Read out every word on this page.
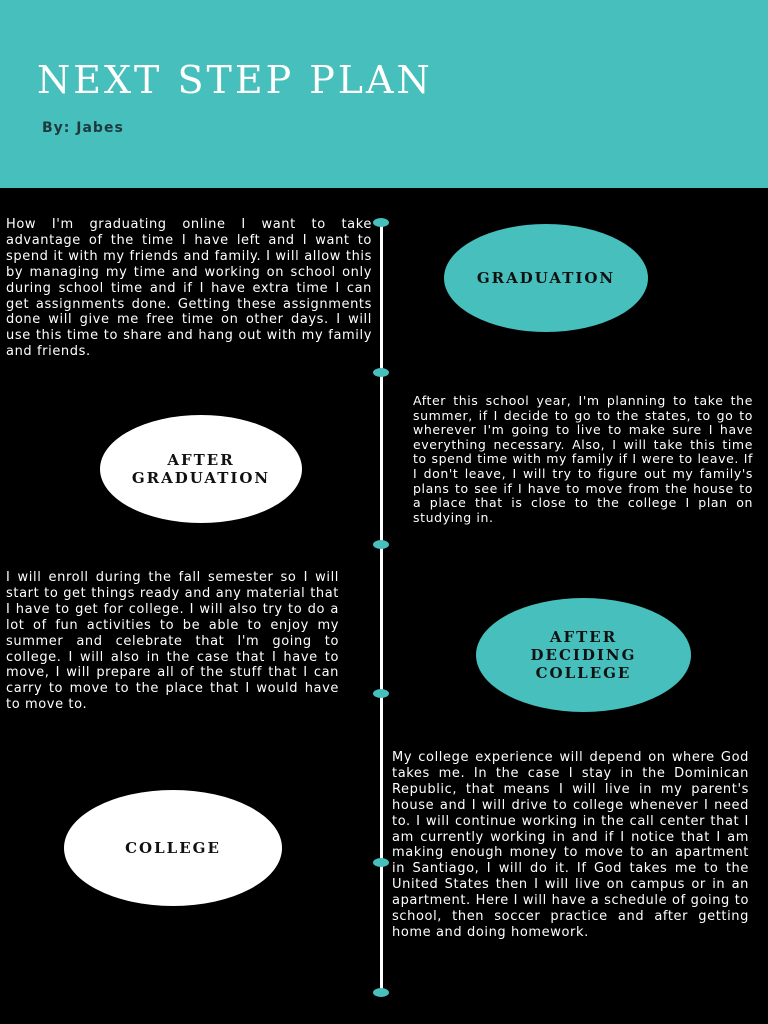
NEXT STEP PLAN
By: Jabes

How I'm graduating online I want to take advantage of the time I have left and I want to spend it with my friends and family. I will allow this by managing my time and working on school only during school time and if I have extra time I can get assignments done. Getting these assignments done will give me free time on other days. I will use this time to share and hang out with my family and friends.

GRADUATION

After this school year, I'm planning to take the summer, if I decide to go to the states, to go to wherever I'm going to live to make sure I have everything necessary. Also, I will take this time to spend time with my family if I were to leave. If I don't leave, I will try to figure out my family's plans to see if I have to move from the house to a place that is close to the college I plan on studying in.

AFTER
GRADUATION

I will enroll during the fall semester so I will start to get things ready and any material that I have to get for college. I will also try to do a lot of fun activities to be able to enjoy my summer and celebrate that I'm going to college. I will also in the case that I have to move, I will prepare all of the stuff that I can carry to move to the place that I would have to move to.

AFTER
DECIDING
COLLEGE

My college experience will depend on where God takes me. In the case I stay in the Dominican Republic, that means I will live in my parent's house and I will drive to college whenever I need to. I will continue working in the call center that I am currently working in and if I notice that I am making enough money to move to an apartment in Santiago, I will do it. If God takes me to the United States then I will live on campus or in an apartment. Here I will have a schedule of going to school, then soccer practice and after getting home and doing homework.

COLLEGE
